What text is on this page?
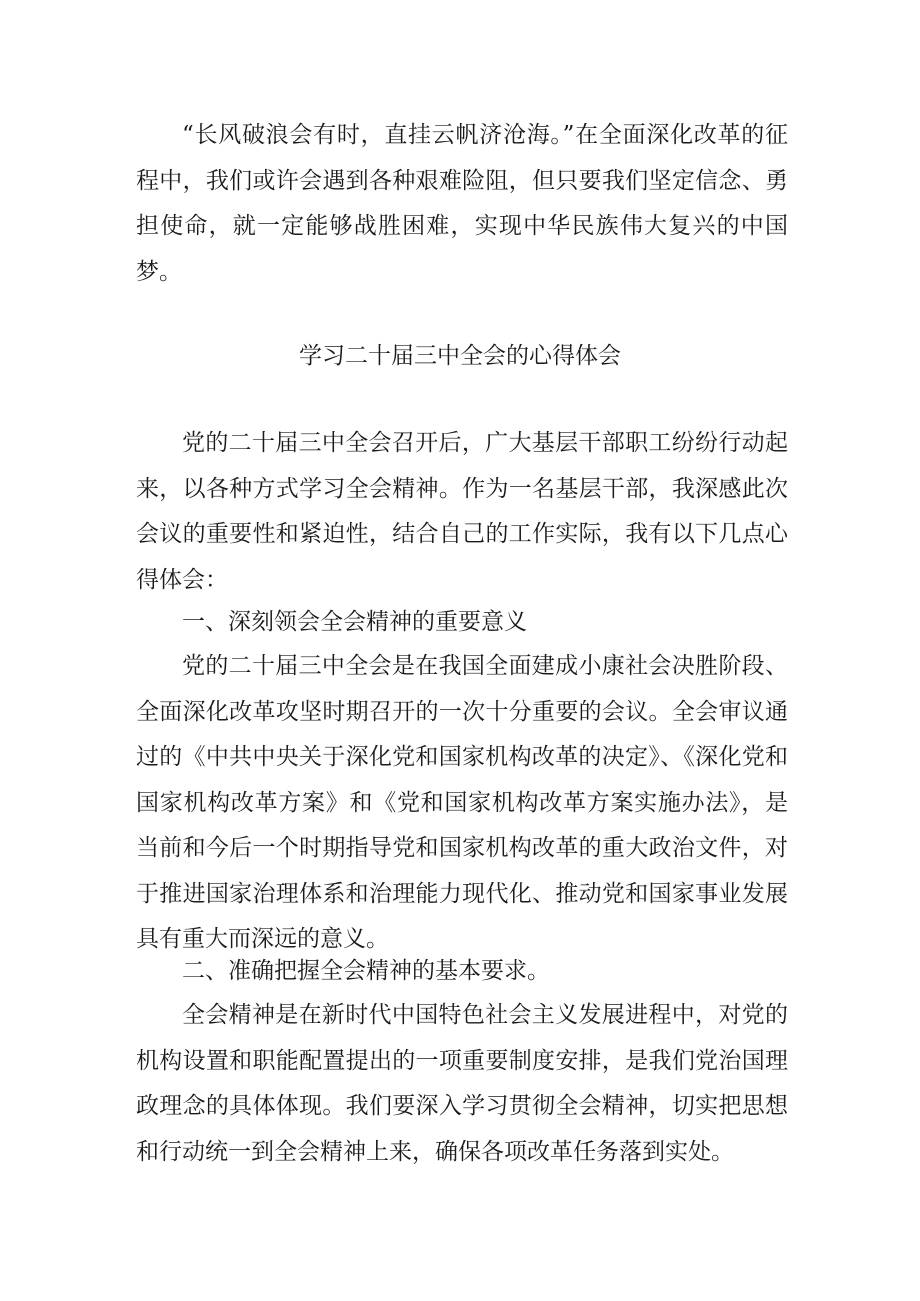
“长风破浪会有时，直挂云帆济沧海。”在全面深化改革的征程中，我们或许会遇到各种艰难险阻，但只要我们坚定信念、勇担使命，就一定能够战胜困难，实现中华民族伟大复兴的中国梦。

学习二十届三中全会的心得体会

党的二十届三中全会召开后，广大基层干部职工纷纷行动起来，以各种方式学习全会精神。作为一名基层干部，我深感此次会议的重要性和紧迫性，结合自己的工作实际，我有以下几点心得体会：

一、深刻领会全会精神的重要意义

党的二十届三中全会是在我国全面建成小康社会决胜阶段、全面深化改革攻坚时期召开的一次十分重要的会议。全会审议通过的《中共中央关于深化党和国家机构改革的决定》、《深化党和国家机构改革方案》和《党和国家机构改革方案实施办法》，是当前和今后一个时期指导党和国家机构改革的重大政治文件，对于推进国家治理体系和治理能力现代化、推动党和国家事业发展具有重大而深远的意义。

二、准确把握全会精神的基本要求。

全会精神是在新时代中国特色社会主义发展进程中，对党的机构设置和职能配置提出的一项重要制度安排，是我们党治国理政理念的具体体现。我们要深入学习贯彻全会精神，切实把思想和行动统一到全会精神上来，确保各项改革任务落到实处。
